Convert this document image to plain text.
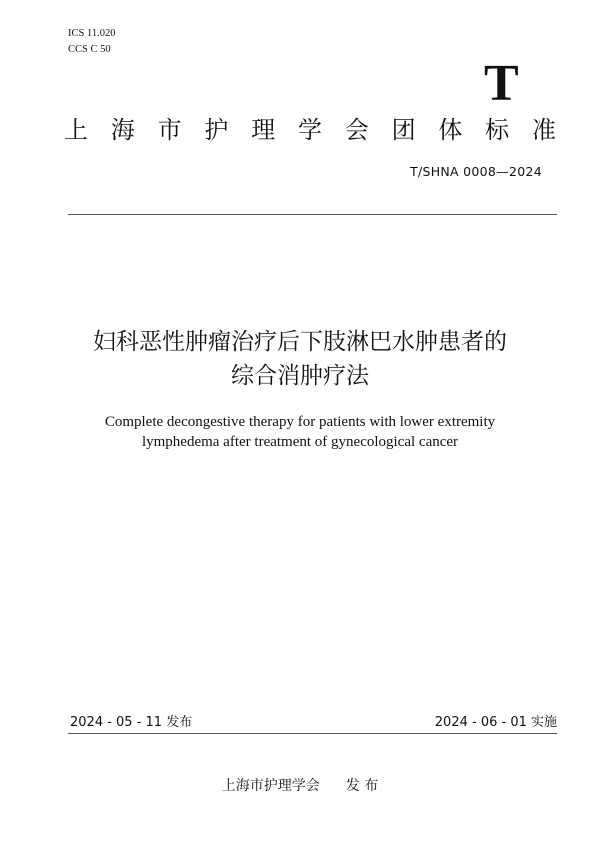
ICS 11.020
CCS C 50
T
上 海 市 护 理 学 会 团 体 标 准
T/SHNA 0008—2024
妇科恶性肿瘤治疗后下肢淋巴水肿患者的
综合消肿疗法
Complete decongestive therapy for patients with lower extremity lymphedema after treatment of gynecological cancer
2024 - 05 - 11 发布	2024 - 06 - 01 实施
上海市护理学会 发 布
